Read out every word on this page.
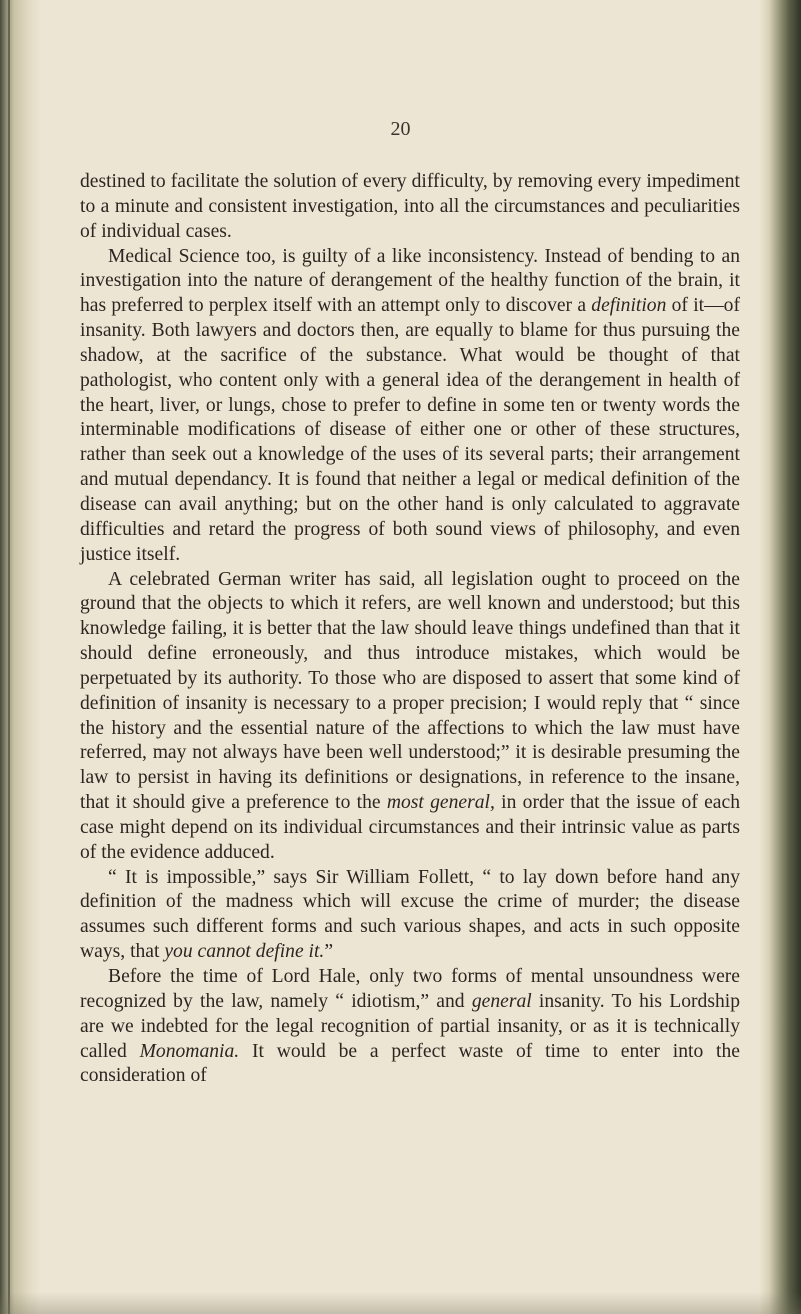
20

destined to facilitate the solution of every difficulty, by removing every impediment to a minute and consistent investigation, into all the circumstances and peculiarities of individual cases.

Medical Science too, is guilty of a like inconsistency. Instead of bending to an investigation into the nature of derangement of the healthy function of the brain, it has preferred to perplex itself with an attempt only to discover a definition of it—of insanity. Both lawyers and doctors then, are equally to blame for thus pursuing the shadow, at the sacrifice of the substance. What would be thought of that pathologist, who content only with a general idea of the derangement in health of the heart, liver, or lungs, chose to prefer to define in some ten or twenty words the interminable modifications of disease of either one or other of these structures, rather than seek out a knowledge of the uses of its several parts; their arrangement and mutual dependancy. It is found that neither a legal or medical definition of the disease can avail anything; but on the other hand is only calculated to aggravate difficulties and retard the progress of both sound views of philosophy, and even justice itself.

A celebrated German writer has said, all legislation ought to proceed on the ground that the objects to which it refers, are well known and understood; but this knowledge failing, it is better that the law should leave things undefined than that it should define erroneously, and thus introduce mistakes, which would be perpetuated by its authority. To those who are disposed to assert that some kind of definition of insanity is necessary to a proper precision; I would reply that “ since the history and the essential nature of the affections to which the law must have referred, may not always have been well understood;” it is desirable presuming the law to persist in having its definitions or designations, in reference to the insane, that it should give a preference to the most general, in order that the issue of each case might depend on its individual circumstances and their intrinsic value as parts of the evidence adduced.

“ It is impossible,” says Sir William Follett, “ to lay down before hand any definition of the madness which will excuse the crime of murder; the disease assumes such different forms and such various shapes, and acts in such opposite ways, that you cannot define it.”

Before the time of Lord Hale, only two forms of mental unsoundness were recognized by the law, namely “ idiotism,” and general insanity. To his Lordship are we indebted for the legal recognition of partial insanity, or as it is technically called Monomania. It would be a perfect waste of time to enter into the consideration of
